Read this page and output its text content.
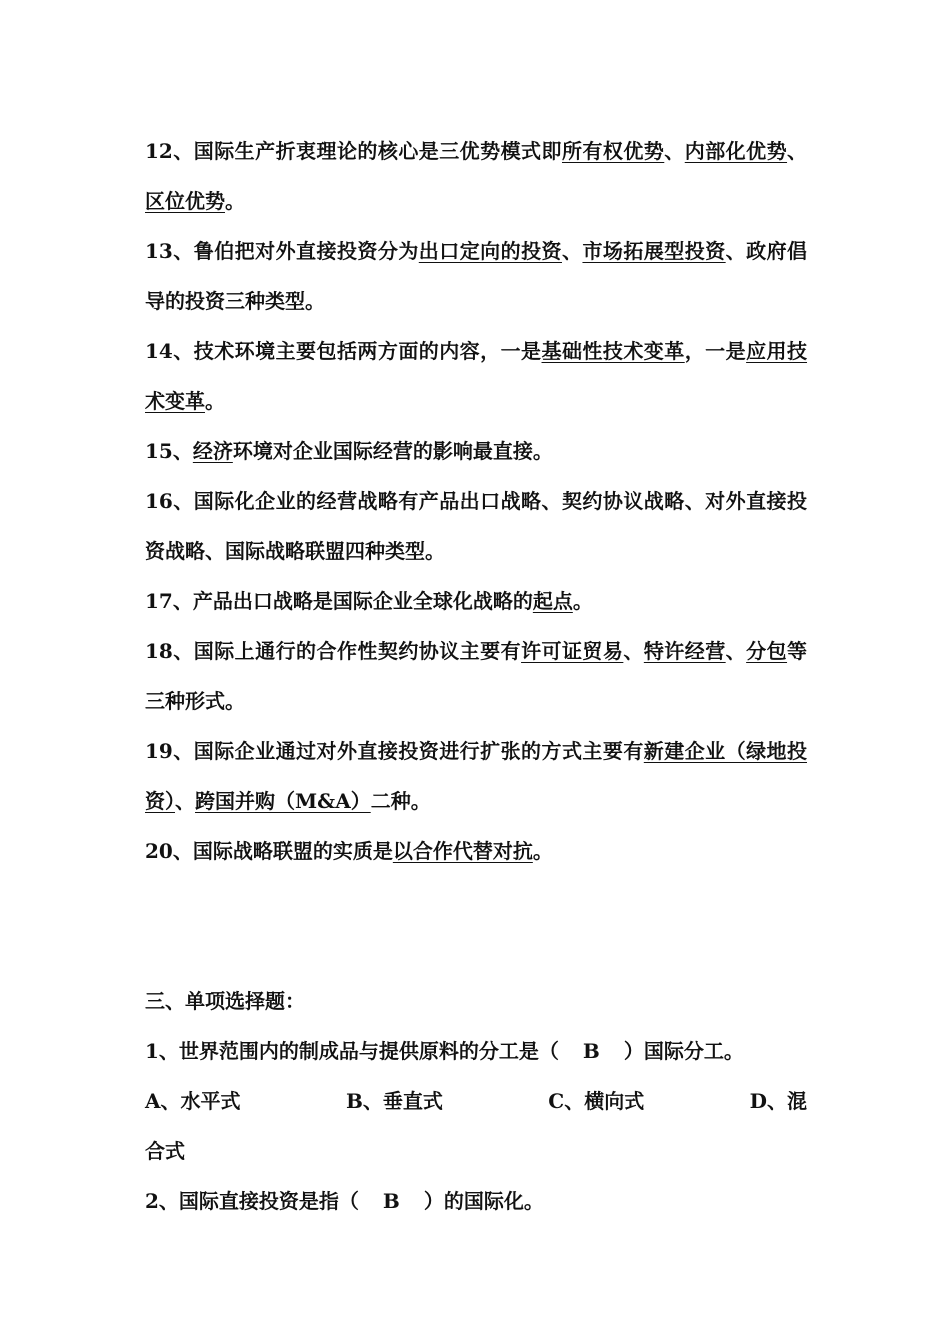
12、国际生产折衷理论的核心是三优势模式即所有权优势、内部化优势、区位优势。
13、鲁伯把对外直接投资分为出口定向的投资、市场拓展型投资、政府倡导的投资三种类型。
14、技术环境主要包括两方面的内容，一是基础性技术变革，一是应用技术变革。
15、经济环境对企业国际经营的影响最直接。
16、国际化企业的经营战略有产品出口战略、契约协议战略、对外直接投资战略、国际战略联盟四种类型。
17、产品出口战略是国际企业全球化战略的起点。
18、国际上通行的合作性契约协议主要有许可证贸易、特许经营、分包等三种形式。
19、国际企业通过对外直接投资进行扩张的方式主要有新建企业（绿地投资）、跨国并购（M&A）二种。
20、国际战略联盟的实质是以合作代替对抗。
三、单项选择题：
1、世界范围内的制成品与提供原料的分工是（ B ）国际分工。
A、水平式	B、垂直式	C、横向式	D、混
合式
2、国际直接投资是指（ B ）的国际化。
